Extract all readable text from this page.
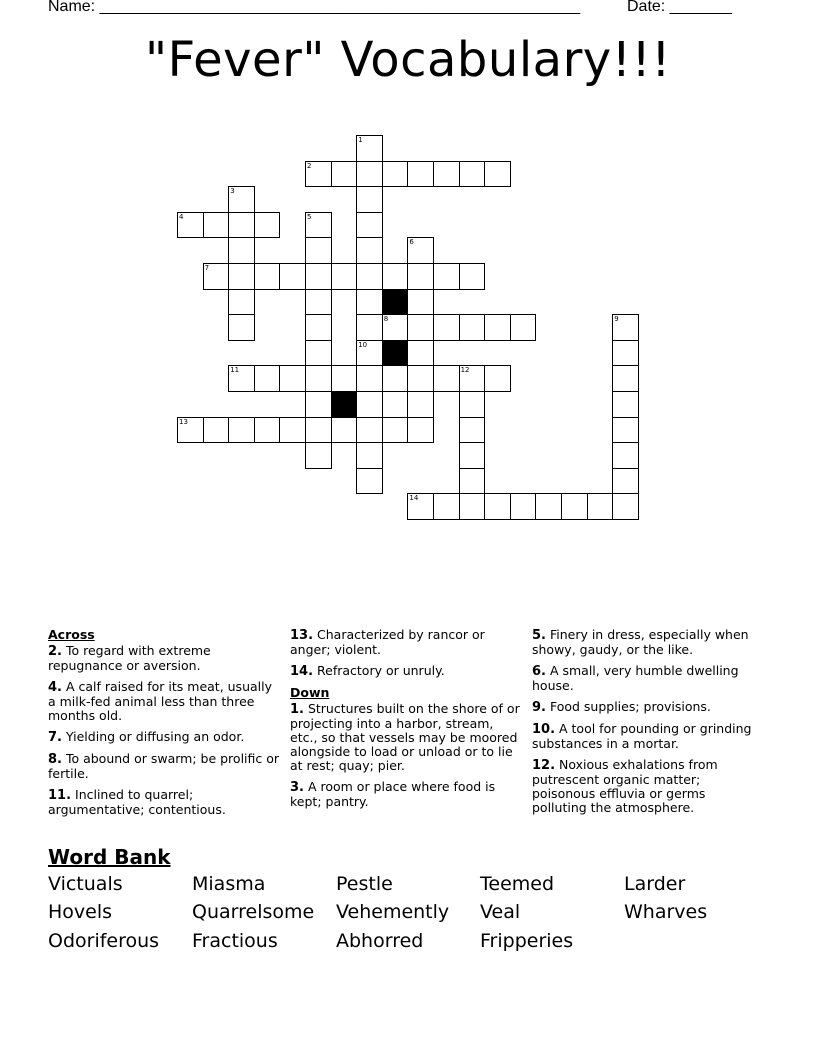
Name: ______________________________________________________	Date: _______
"Fever" Vocabulary!!!
1
10
2
3
4	5
6
7
8	9
11	12
13
14
Across
2. To regard with extreme repugnance or aversion.
4. A calf raised for its meat, usually a milk-fed animal less than three months old.
7. Yielding or diffusing an odor.
8. To abound or swarm; be prolific or fertile.
11. Inclined to quarrel; argumentative; contentious.
13. Characterized by rancor or anger; violent.
14. Refractory or unruly.
Down
1. Structures built on the shore of or projecting into a harbor, stream, etc., so that vessels may be moored alongside to load or unload or to lie at rest; quay; pier.
3. A room or place where food is kept; pantry.
5. Finery in dress, especially when showy, gaudy, or the like.
6. A small, very humble dwelling house.
9. Food supplies; provisions.
10. A tool for pounding or grinding substances in a mortar.
12. Noxious exhalations from putrescent organic matter; poisonous effluvia or germs polluting the atmosphere.
Word Bank
Victuals	Miasma	Pestle	Teemed	Larder
Hovels	Quarrelsome Vehemently Veal	Wharves
Odoriferous Fractious	Abhorred	Fripperies
